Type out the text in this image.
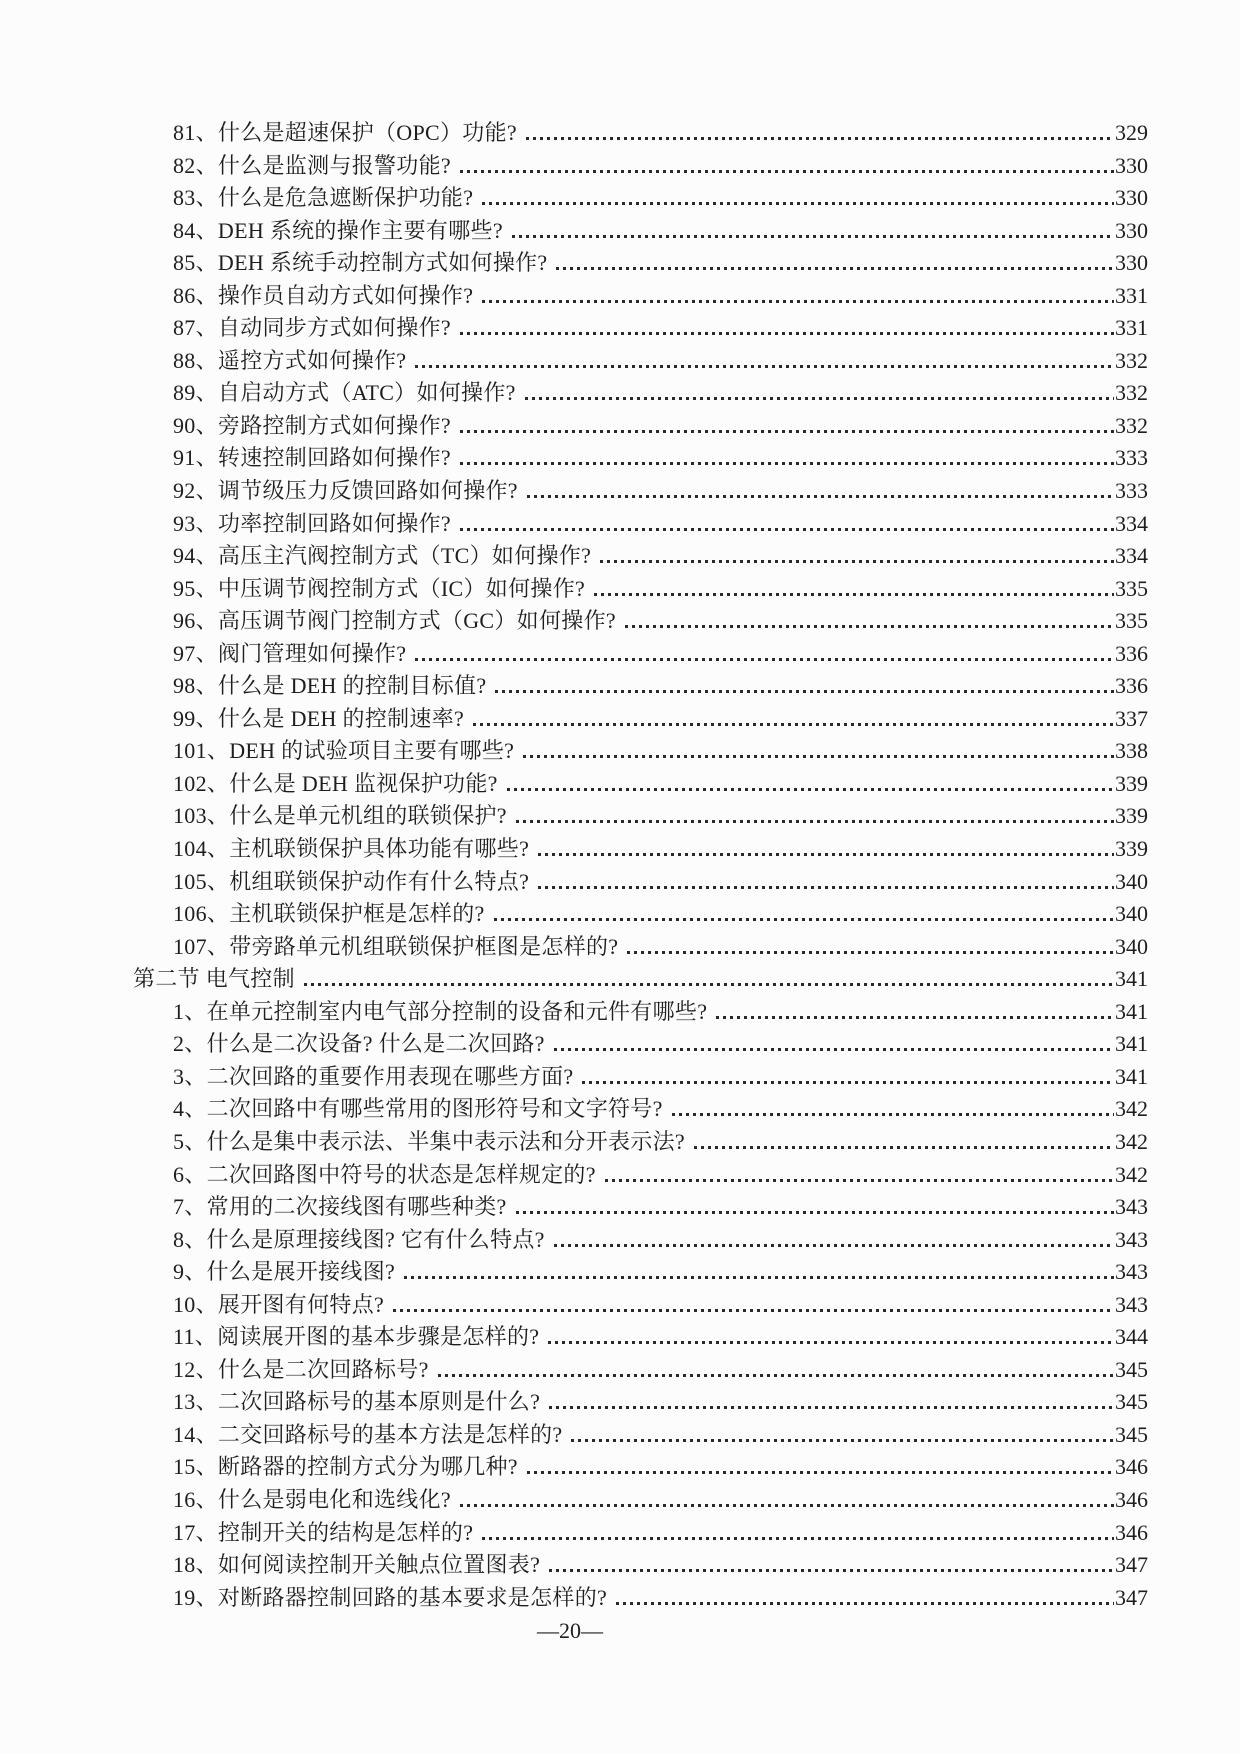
81、什么是超速保护（OPC）功能?	329
82、什么是监测与报警功能?	330
83、什么是危急遮断保护功能?	330
84、DEH 系统的操作主要有哪些?	330
85、DEH 系统手动控制方式如何操作?	330
86、操作员自动方式如何操作?	331
87、自动同步方式如何操作?	331
88、遥控方式如何操作?	332
89、自启动方式（ATC）如何操作?	332
90、旁路控制方式如何操作?	332
91、转速控制回路如何操作?	333
92、调节级压力反馈回路如何操作?	333
93、功率控制回路如何操作?	334
94、高压主汽阀控制方式（TC）如何操作?	334
95、中压调节阀控制方式（IC）如何操作?	335
96、高压调节阀门控制方式（GC）如何操作?	335
97、阀门管理如何操作?	336
98、什么是 DEH 的控制目标值?	336
99、什么是 DEH 的控制速率?	337
101、DEH 的试验项目主要有哪些?	338
102、什么是 DEH 监视保护功能?	339
103、什么是单元机组的联锁保护?	339
104、主机联锁保护具体功能有哪些?	339
105、机组联锁保护动作有什么特点?	340
106、主机联锁保护框是怎样的?	340
107、带旁路单元机组联锁保护框图是怎样的?	340
第二节 电气控制	341
1、在单元控制室内电气部分控制的设备和元件有哪些?	341
2、什么是二次设备? 什么是二次回路?	341
3、二次回路的重要作用表现在哪些方面?	341
4、二次回路中有哪些常用的图形符号和文字符号?	342
5、什么是集中表示法、半集中表示法和分开表示法?	342
6、二次回路图中符号的状态是怎样规定的?	342
7、常用的二次接线图有哪些种类?	343
8、什么是原理接线图? 它有什么特点?	343
9、什么是展开接线图?	343
10、展开图有何特点?	343
11、阅读展开图的基本步骤是怎样的?	344
12、什么是二次回路标号?	345
13、二次回路标号的基本原则是什么?	345
14、二交回路标号的基本方法是怎样的?	345
15、断路器的控制方式分为哪几种?	346
16、什么是弱电化和选线化?	346
17、控制开关的结构是怎样的?	346
18、如何阅读控制开关触点位置图表?	347
19、对断路器控制回路的基本要求是怎样的?	347
—20—
